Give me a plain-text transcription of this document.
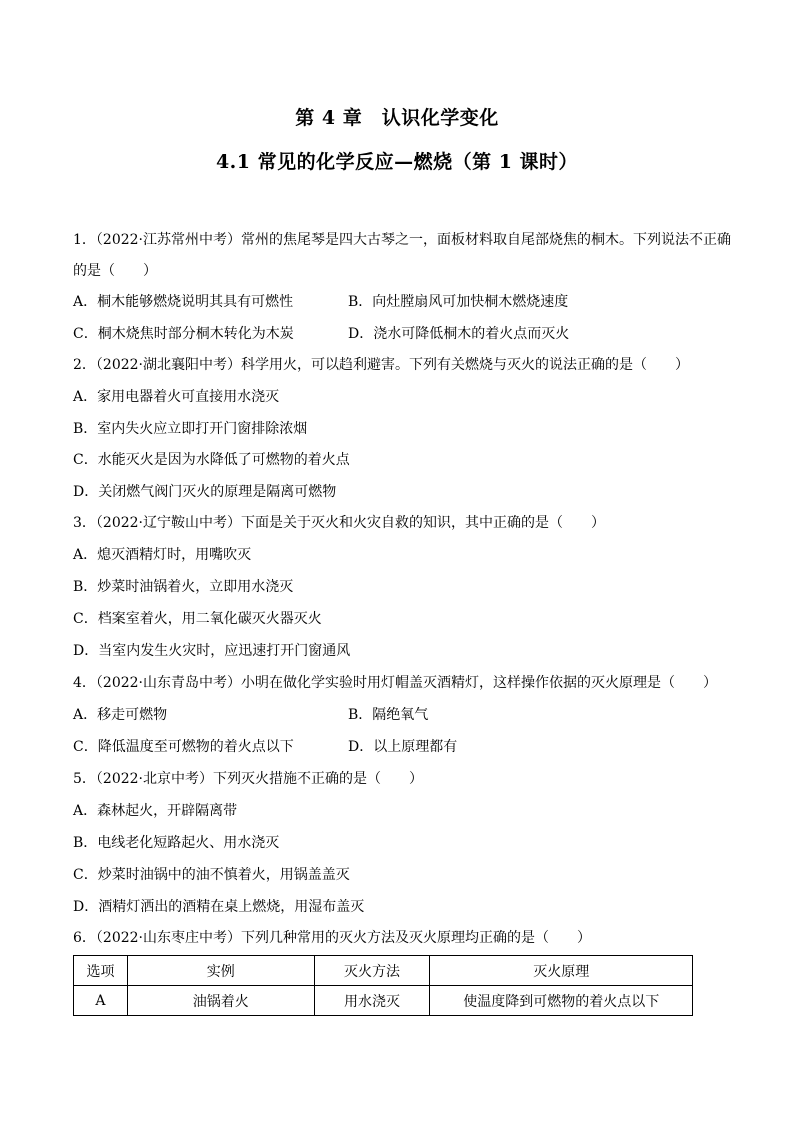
第 4 章　认识化学变化
4.1 常见的化学反应—燃烧（第 1 课时）
1．（2022·江苏常州中考）常州的焦尾琴是四大古琴之一，面板材料取自尾部烧焦的桐木。下列说法不正确
的是（　　）
A．桐木能够燃烧说明其具有可燃性	B．向灶膛扇风可加快桐木燃烧速度
C．桐木烧焦时部分桐木转化为木炭	D．浇水可降低桐木的着火点而灭火
2．（2022·湖北襄阳中考）科学用火，可以趋利避害。下列有关燃烧与灭火的说法正确的是（　　）
A．家用电器着火可直接用水浇灭
B．室内失火应立即打开门窗排除浓烟
C．水能灭火是因为水降低了可燃物的着火点
D．关闭燃气阀门灭火的原理是隔离可燃物
3．（2022·辽宁鞍山中考）下面是关于灭火和火灾自救的知识，其中正确的是（　　）
A．熄灭酒精灯时，用嘴吹灭
B．炒菜时油锅着火，立即用水浇灭
C．档案室着火，用二氧化碳灭火器灭火
D．当室内发生火灾时，应迅速打开门窗通风
4．（2022·山东青岛中考）小明在做化学实验时用灯帽盖灭酒精灯，这样操作依据的灭火原理是（　　）
A．移走可燃物	B．隔绝氧气
C．降低温度至可燃物的着火点以下	D．以上原理都有
5．（2022·北京中考）下列灭火措施不正确的是（　　）
A．森林起火，开辟隔离带
B．电线老化短路起火、用水浇灭
C．炒菜时油锅中的油不慎着火，用锅盖盖灭
D．酒精灯洒出的酒精在桌上燃烧，用湿布盖灭
6．（2022·山东枣庄中考）下列几种常用的灭火方法及灭火原理均正确的是（　　）
选项	实例	灭火方法	灭火原理
A	油锅着火	用水浇灭	使温度降到可燃物的着火点以下
